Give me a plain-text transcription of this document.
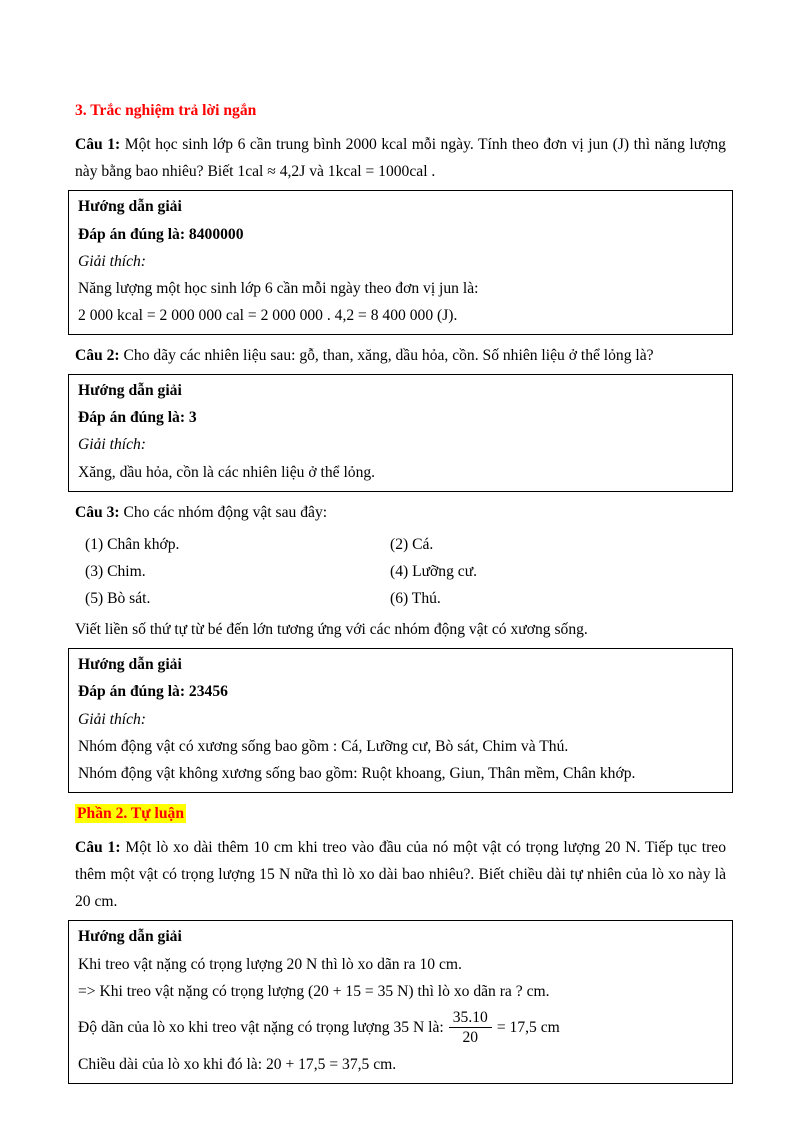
3. Trắc nghiệm trả lời ngắn

Câu 1: Một học sinh lớp 6 cần trung bình 2000 kcal mỗi ngày. Tính theo đơn vị jun (J) thì năng lượng này bằng bao nhiêu? Biết 1cal ≈ 4,2J và 1kcal = 1000cal .

Hướng dẫn giải

Đáp án đúng là: 8400000

Giải thích:

Năng lượng một học sinh lớp 6 cần mỗi ngày theo đơn vị jun là:

2 000 kcal = 2 000 000 cal = 2 000 000 . 4,2 = 8 400 000 (J).

Câu 2: Cho dãy các nhiên liệu sau: gỗ, than, xăng, dầu hỏa, cồn. Số nhiên liệu ở thể lỏng là?

Hướng dẫn giải

Đáp án đúng là: 3

Giải thích:

Xăng, dầu hỏa, cồn là các nhiên liệu ở thể lỏng.

Câu 3: Cho các nhóm động vật sau đây:

(1) Chân khớp.	(2) Cá.
(3) Chim.	(4) Lưỡng cư.
(5) Bò sát.	(6) Thú.

Viết liền số thứ tự từ bé đến lớn tương ứng với các nhóm động vật có xương sống.

Hướng dẫn giải

Đáp án đúng là: 23456

Giải thích:

Nhóm động vật có xương sống bao gồm : Cá, Lưỡng cư, Bò sát, Chim và Thú.

Nhóm động vật không xương sống bao gồm: Ruột khoang, Giun, Thân mềm, Chân khớp.

Phần 2. Tự luận

Câu 1: Một lò xo dài thêm 10 cm khi treo vào đầu của nó một vật có trọng lượng 20 N. Tiếp tục treo thêm một vật có trọng lượng 15 N nữa thì lò xo dài bao nhiêu?. Biết chiều dài tự nhiên của lò xo này là 20 cm.

Hướng dẫn giải

Khi treo vật nặng có trọng lượng 20 N thì lò xo dãn ra 10 cm.

=> Khi treo vật nặng có trọng lượng (20 + 15 = 35 N) thì lò xo dãn ra ? cm.

Độ dãn của lò xo khi treo vật nặng có trọng lượng 35 N là: $\frac{35.10}{20} = 17,5$ cm

Chiều dài của lò xo khi đó là: 20 + 17,5 = 37,5 cm.
